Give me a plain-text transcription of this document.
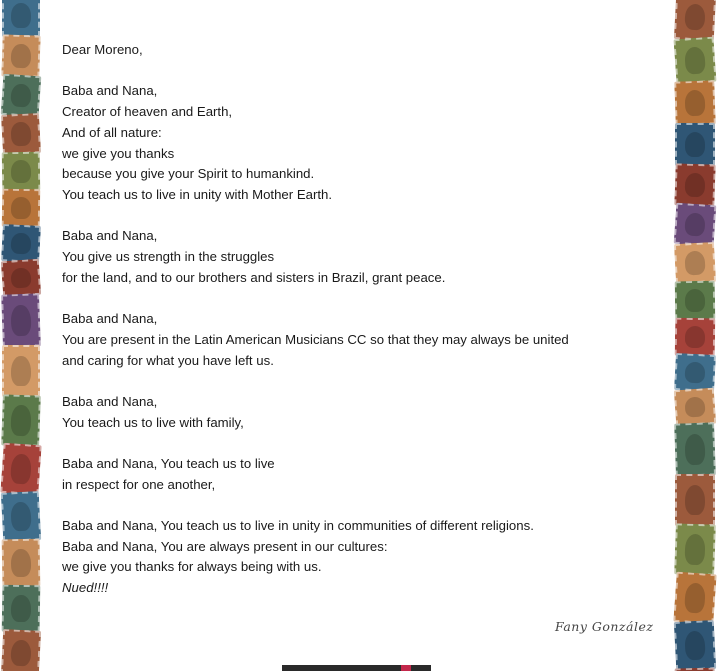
Dear Moreno,
Baba and Nana,
Creator of heaven and Earth,
And of all nature:
we give you thanks
because you give your Spirit to humankind.
You teach us to live in unity with Mother Earth.
Baba and Nana,
You give us strength in the struggles
for the land, and to our brothers and sisters in Brazil, grant peace.
Baba and Nana,
You are present in the Latin American Musicians CC so that they may always be united
and caring for what you have left us.
Baba and Nana,
You teach us to live with family,
Baba and Nana, You teach us to live
in respect for one another,
Baba and Nana, You teach us to live in unity in communities of different religions.
Baba and Nana, You are always present in our cultures:
we give you thanks for always being with us.
Nued!!!!
Fany González
